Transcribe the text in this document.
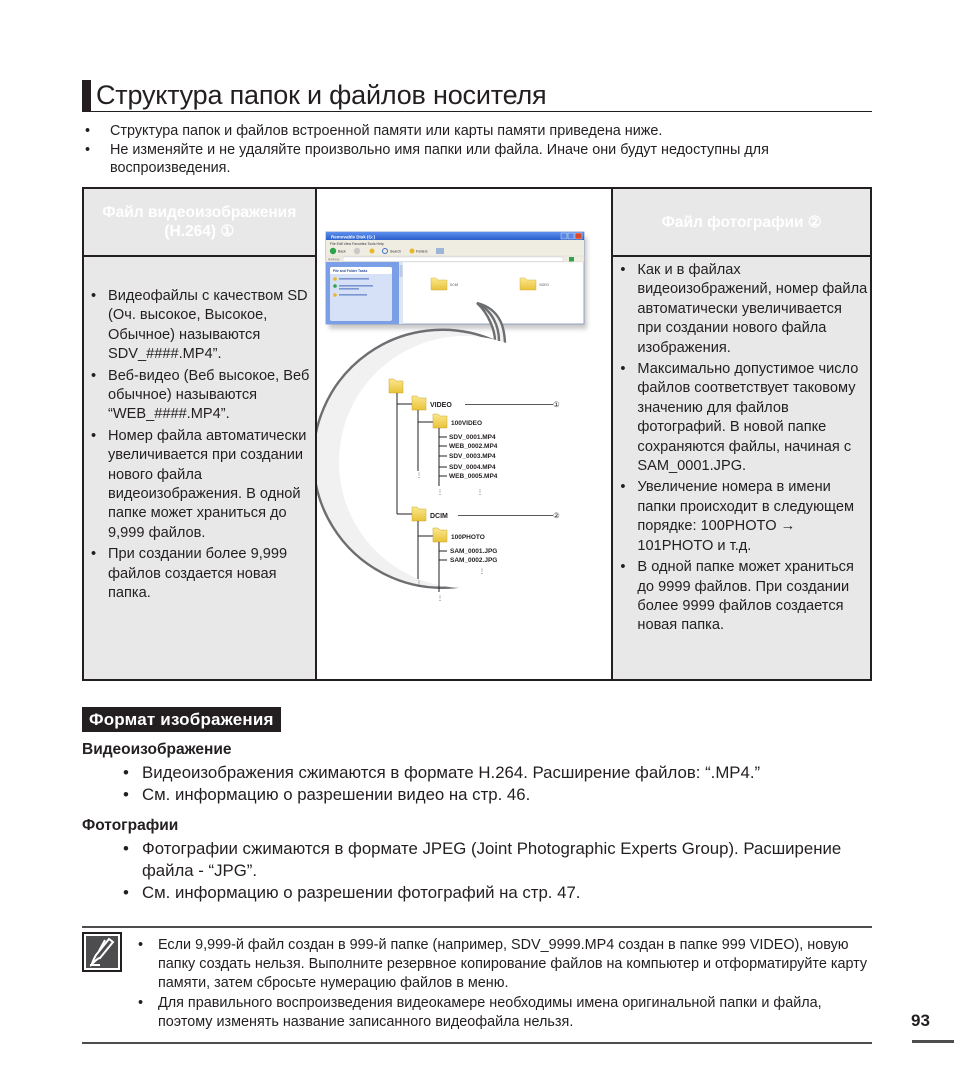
Структура папок и файлов носителя
• Структура папок и файлов встроенной памяти или карты памяти приведена ниже.
• Не изменяйте и не удаляйте произвольно имя папки или файла. Иначе они будут недоступны для воспроизведения.
Файл видеоизображения (H.264) ①	Removable Disk (G:)
File Edit View Favorites Tools Help
Back	Search	Folders
Address
File and Folder Tasks
DCIM	VIDEO
VIDEO	①
⋮
100VIDEO
SDV_0001.MP4
WEB_0002.MP4
SDV_0003.MP4
SDV_0004.MP4
WEB_0005.MP4
⋮	⋮
DCIM	②
⋮
100PHOTO
SAM_0001.JPG
SAM_0002.JPG
⋮
⋮
	Файл фотографии ②

• Видеофайлы с качеством SD (Оч. высокое, Высокое, Обычное) называются SDV_####.MP4”.
• Веб-видео (Веб высокое, Веб обычное) называются “WEB_####.MP4”.
• Номер файла автоматически увеличивается при создании нового файла видеоизображения. В одной папке может храниться до 9,999 файлов.
• При создании более 9,999 файлов создается новая папка.

• Как и в файлах видеоизображений, номер файла автоматически увеличивается при создании нового файла изображения.
• Максимально допустимое число файлов соответствует таковому значению для файлов фотографий. В новой папке сохраняются файлы, начиная с SAM_0001.JPG.
• Увеличение номера в имени папки происходит в следующем порядке: 100PHOTO → 101PHOTO и т.д.
• В одной папке может храниться до 9999 файлов. При создании более 9999 файлов создается новая папка.
Формат изображения
Видеоизображение
• Видеоизображения сжимаются в формате H.264. Расширение файлов: “.MP4.”
• См. информацию о разрешении видео на стр. 46.
Фотографии
• Фотографии сжимаются в формате JPEG (Joint Photographic Experts Group). Расширение файла - “JPG”.
• См. информацию о разрешении фотографий на стр. 47.
• Если 9,999-й файл создан в 999-й папке (например, SDV_9999.MP4 создан в папке 999 VIDEO), новую папку создать нельзя. Выполните резервное копирование файлов на компьютер и отформатируйте карту памяти, затем сбросьте нумерацию файлов в меню.
• Для правильного воспроизведения видеокамере необходимы имена оригинальной папки и файла, поэтому изменять название записанного видеофайла нельзя.	93
